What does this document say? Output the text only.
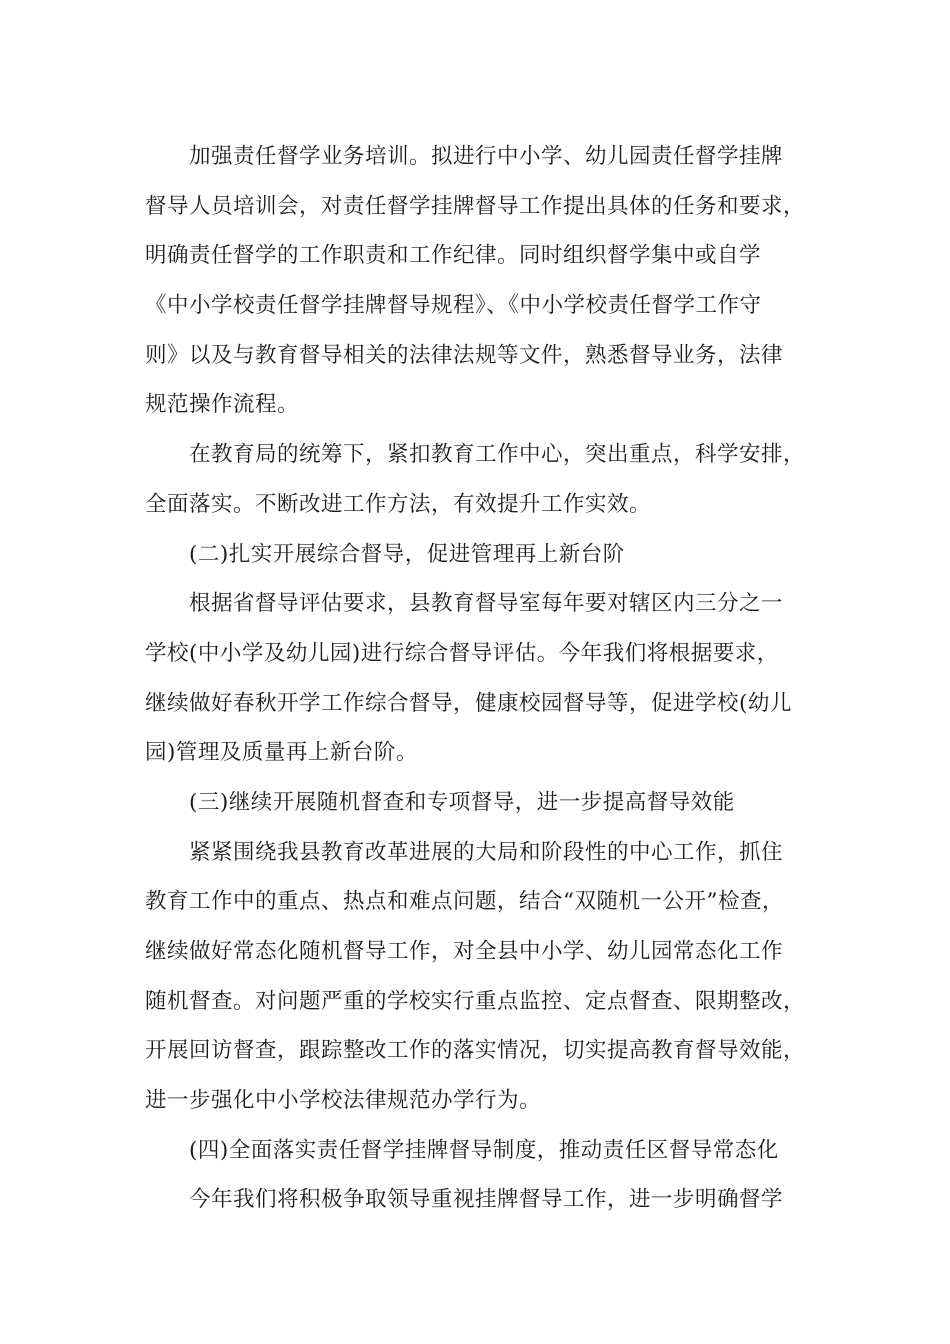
加强责任督学业务培训。拟进行中小学、幼儿园责任督学挂牌
督导人员培训会，对责任督学挂牌督导工作提出具体的任务和要求，
明确责任督学的工作职责和工作纪律。同时组织督学集中或自学
《中小学校责任督学挂牌督导规程》、《中小学校责任督学工作守
则》以及与教育督导相关的法律法规等文件，熟悉督导业务，法律
规范操作流程。
在教育局的统筹下，紧扣教育工作中心，突出重点，科学安排，
全面落实。不断改进工作方法，有效提升工作实效。
(二)扎实开展综合督导，促进管理再上新台阶
根据省督导评估要求，县教育督导室每年要对辖区内三分之一
学校(中小学及幼儿园)进行综合督导评估。今年我们将根据要求，
继续做好春秋开学工作综合督导，健康校园督导等，促进学校(幼儿
园)管理及质量再上新台阶。
(三)继续开展随机督查和专项督导，进一步提高督导效能
紧紧围绕我县教育改革进展的大局和阶段性的中心工作，抓住
教育工作中的重点、热点和难点问题，结合“双随机一公开”检查，
继续做好常态化随机督导工作，对全县中小学、幼儿园常态化工作
随机督查。对问题严重的学校实行重点监控、定点督查、限期整改，
开展回访督查，跟踪整改工作的落实情况，切实提高教育督导效能，
进一步强化中小学校法律规范办学行为。
(四)全面落实责任督学挂牌督导制度，推动责任区督导常态化
今年我们将积极争取领导重视挂牌督导工作，进一步明确督学
